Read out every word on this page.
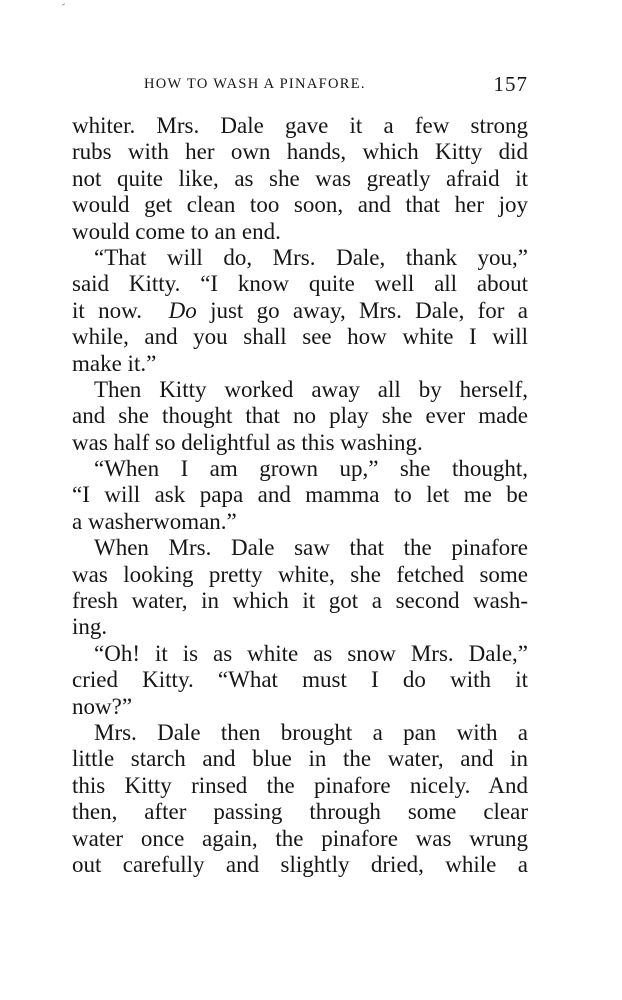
HOW TO WASH A PINAFORE.	157
whiter. Mrs. Dale gave it a few strong
rubs with her own hands, which Kitty did
not quite like, as she was greatly afraid it
would get clean too soon, and that her joy
would come to an end.
“That will do, Mrs. Dale, thank you,”
said Kitty. “I know quite well all about
it now. Do just go away, Mrs. Dale, for a
while, and you shall see how white I will
make it.”
Then Kitty worked away all by herself,
and she thought that no play she ever made
was half so delightful as this washing.
“When I am grown up,” she thought,
“I will ask papa and mamma to let me be
a washerwoman.”
When Mrs. Dale saw that the pinafore
was looking pretty white, she fetched some
fresh water, in which it got a second wash-
ing.
“Oh! it is as white as snow Mrs. Dale,”
cried Kitty. “What must I do with it
now?”
Mrs. Dale then brought a pan with a
little starch and blue in the water, and in
this Kitty rinsed the pinafore nicely. And
then, after passing through some clear
water once again, the pinafore was wrung
out carefully and slightly dried, while a
